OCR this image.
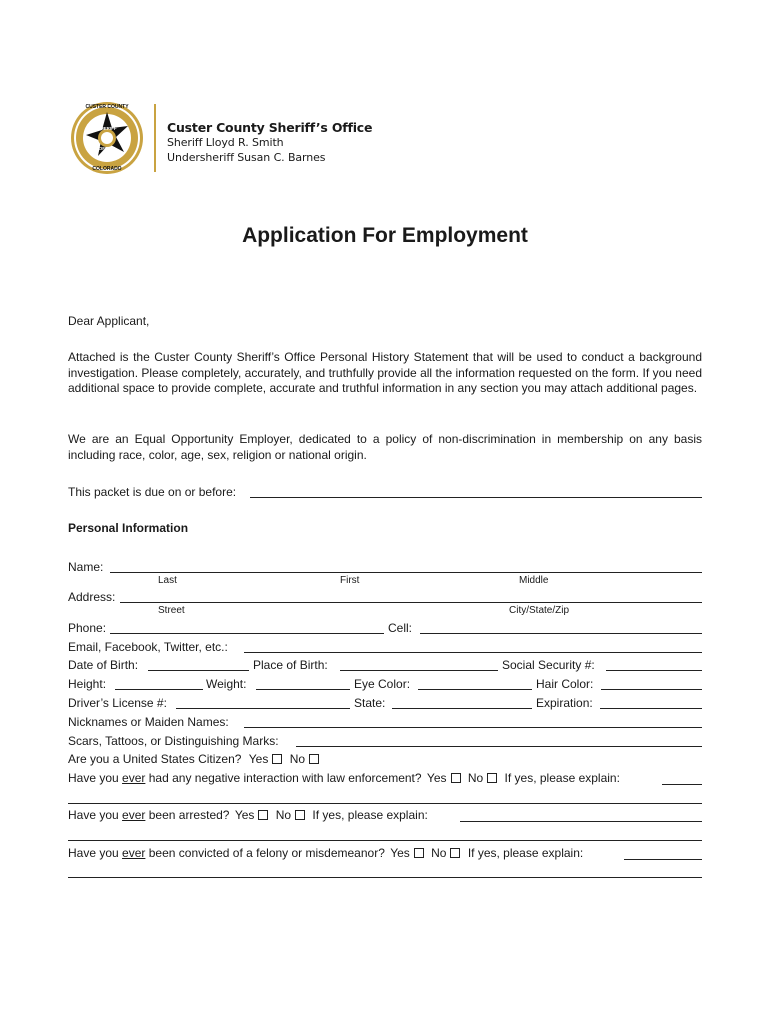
CUSTER COUNTY
SHERIFF
OFFICE
COLORADO
Custer County Sheriff’s Office
Sheriff Lloyd R. Smith
Undersheriff Susan C. Barnes
Application For Employment
Dear Applicant,
Attached is the Custer County Sheriff’s Office Personal History Statement that will be used to conduct a background investigation. Please completely, accurately, and truthfully provide all the information requested on the form. If you need additional space to provide complete, accurate and truthful information in any section you may attach additional pages.
We are an Equal Opportunity Employer, dedicated to a policy of non-discrimination in membership on any basis including race, color, age, sex, religion or national origin.
This packet is due on or before:
Personal Information
Name:
Last	First	Middle
Address:
Street	City/State/Zip
Phone:	Cell:
Email, Facebook, Twitter, etc.:
Date of Birth:	Place of Birth:	Social Security #:
Height:	Weight:	Eye Color:	Hair Color:
Driver’s License #:	State:	Expiration:
Nicknames or Maiden Names:
Scars, Tattoos, or Distinguishing Marks:
Are you a United States Citizen? Yes No
Have you ever had any negative interaction with law enforcement? Yes No If yes, please explain:
Have you ever been arrested? Yes No If yes, please explain:
Have you ever been convicted of a felony or misdemeanor? Yes No If yes, please explain:
